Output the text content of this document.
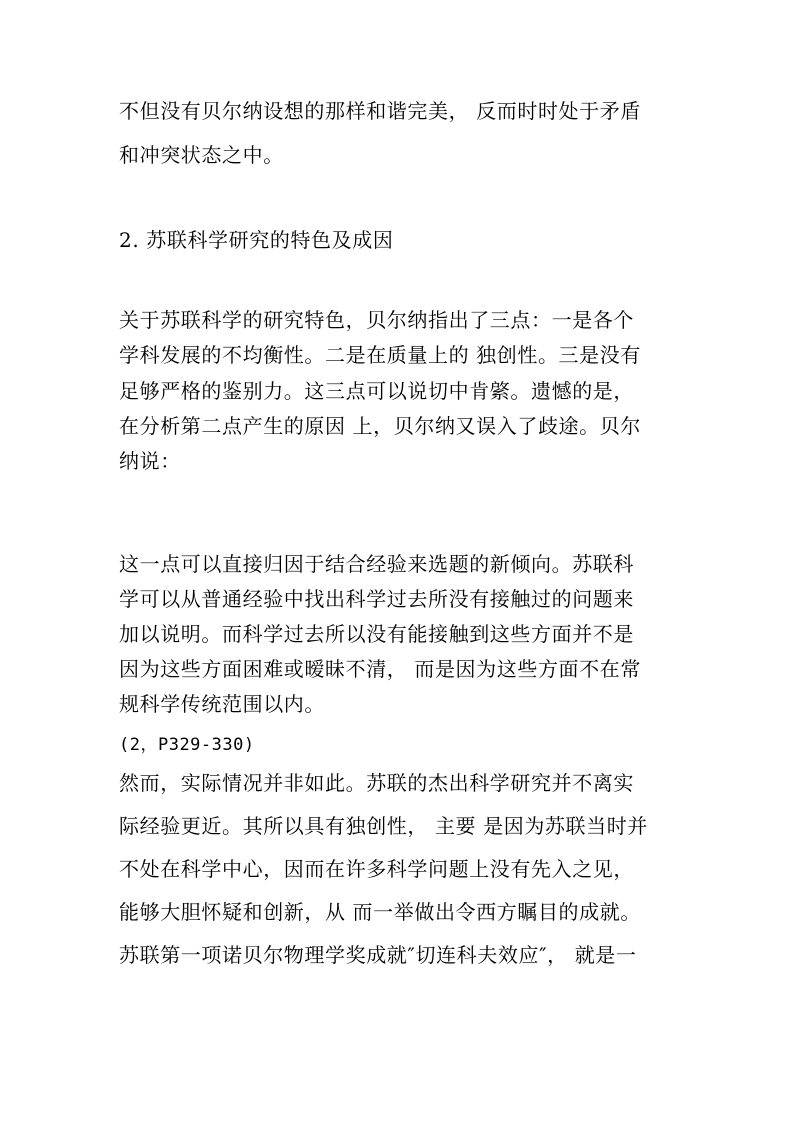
不但没有贝尔纳设想的那样和谐完美， 反而时时处于矛盾
和冲突状态之中。
2. 苏联科学研究的特色及成因
关于苏联科学的研究特色，贝尔纳指出了三点：一是各个
学科发展的不均衡性。二是在质量上的 独创性。三是没有
足够严格的鉴别力。这三点可以说切中肯綮。遗憾的是，
在分析第二点产生的原因 上，贝尔纳又误入了歧途。贝尔
纳说：
这一点可以直接归因于结合经验来选题的新倾向。苏联科
学可以从普通经验中找出科学过去所没有接触过的问题来
加以说明。而科学过去所以没有能接触到这些方面并不是
因为这些方面困难或暧昧不清， 而是因为这些方面不在常
规科学传统范围以内。
(2，P329-330)
然而，实际情况并非如此。苏联的杰出科学研究并不离实
际经验更近。其所以具有独创性， 主要 是因为苏联当时并
不处在科学中心，因而在许多科学问题上没有先入之见，
能够大胆怀疑和创新，从 而一举做出令西方瞩目的成就。
苏联第一项诺贝尔物理学奖成就″切连科夫效应″， 就是一
